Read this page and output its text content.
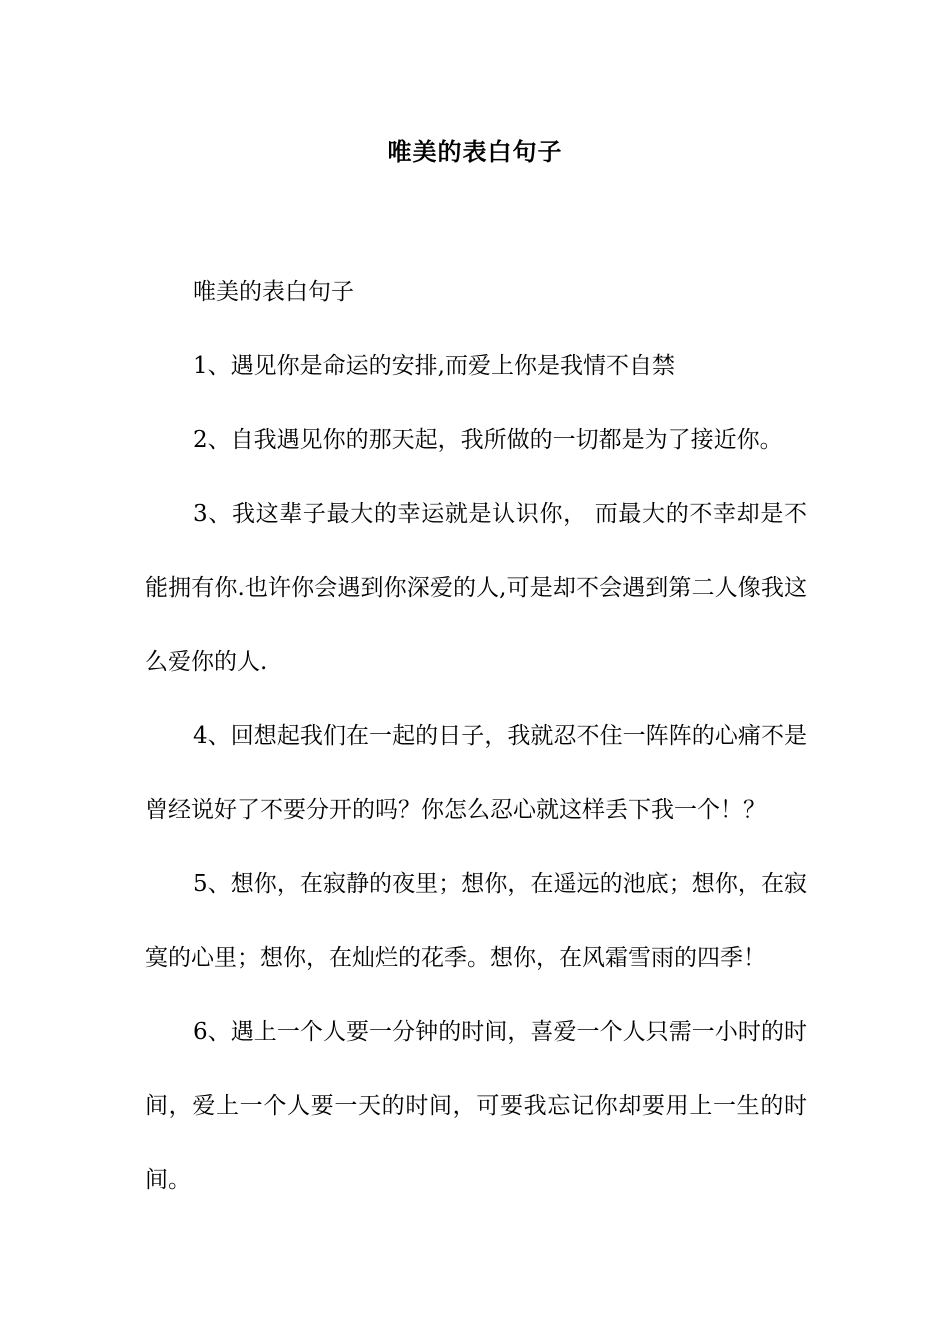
唯美的表白句子

唯美的表白句子

1、遇见你是命运的安排,而爱上你是我情不自禁

2、自我遇见你的那天起，我所做的一切都是为了接近你。

3、我这辈子最大的幸运就是认识你， 而最大的不幸却是不能拥有你.也许你会遇到你深爱的人,可是却不会遇到第二人像我这么爱你的人.

4、回想起我们在一起的日子，我就忍不住一阵阵的心痛不是曾经说好了不要分开的吗？你怎么忍心就这样丢下我一个！？

5、想你，在寂静的夜里；想你，在遥远的池底；想你，在寂寞的心里；想你，在灿烂的花季。想你，在风霜雪雨的四季！

6、遇上一个人要一分钟的时间，喜爱一个人只需一小时的时间，爱上一个人要一天的时间，可要我忘记你却要用上一生的时间。
